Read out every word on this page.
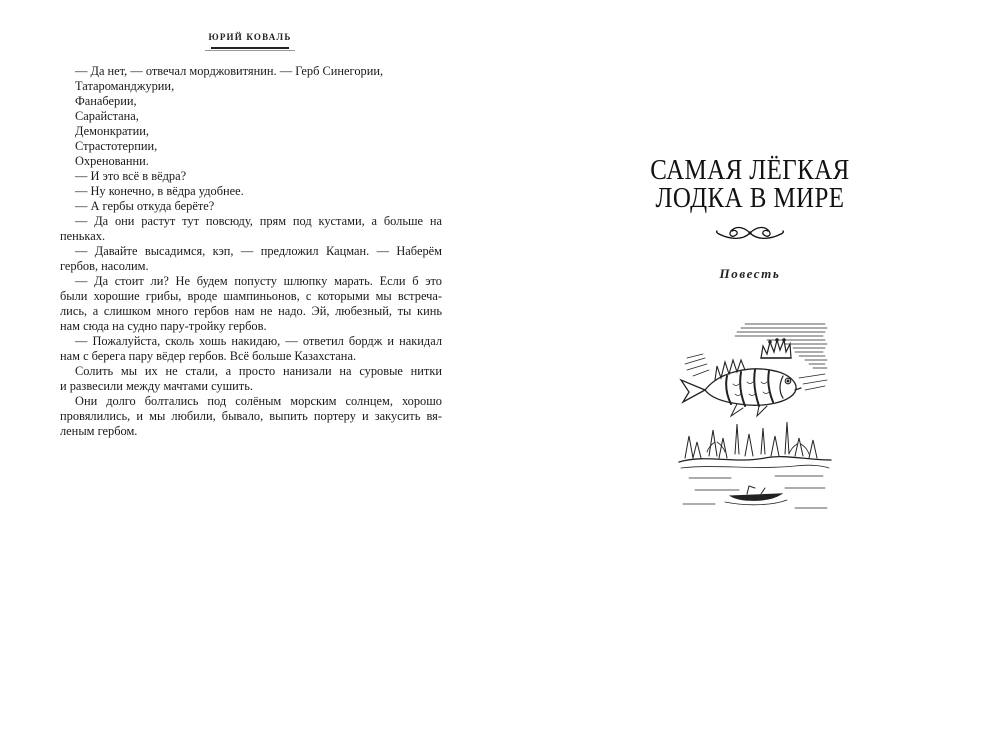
ЮРИЙ КОВАЛЬ
— Да нет, — отвечал морджовитянин. — Герб Синегории,
Татароманджурии,
Фанаберии,
Сарайстана,
Демонкратии,
Страстотерпии,
Охренованни.
— И это всё в вёдра?
— Ну конечно, в вёдра удобнее.
— А гербы откуда берёте?
— Да они растут тут повсюду, прям под кустами, а больше на
пеньках.
— Давайте высадимся, кэп, — предложил Кацман. — Наберём
гербов, насолим.
— Да стоит ли? Не будем попусту шлюпку марать. Если б это
были хорошие грибы, вроде шампиньонов, с которыми мы встреча-
лись, а слишком много гербов нам не надо. Эй, любезный, ты кинь
нам сюда на судно пару-тройку гербов.
— Пожалуйста, сколь хошь накидаю, — ответил бордж и накидал
нам с берега пару вёдер гербов. Всё больше Казахстана.
Солить мы их не стали, а просто нанизали на суровые нитки
и развесили между мачтами сушить.
Они долго болтались под солёным морским солнцем, хорошо
провялились, и мы любили, бывало, выпить портеру и закусить вя-
леным гербом.
САМАЯ ЛЁГКАЯ
ЛОДКА В МИРЕ
Повесть
